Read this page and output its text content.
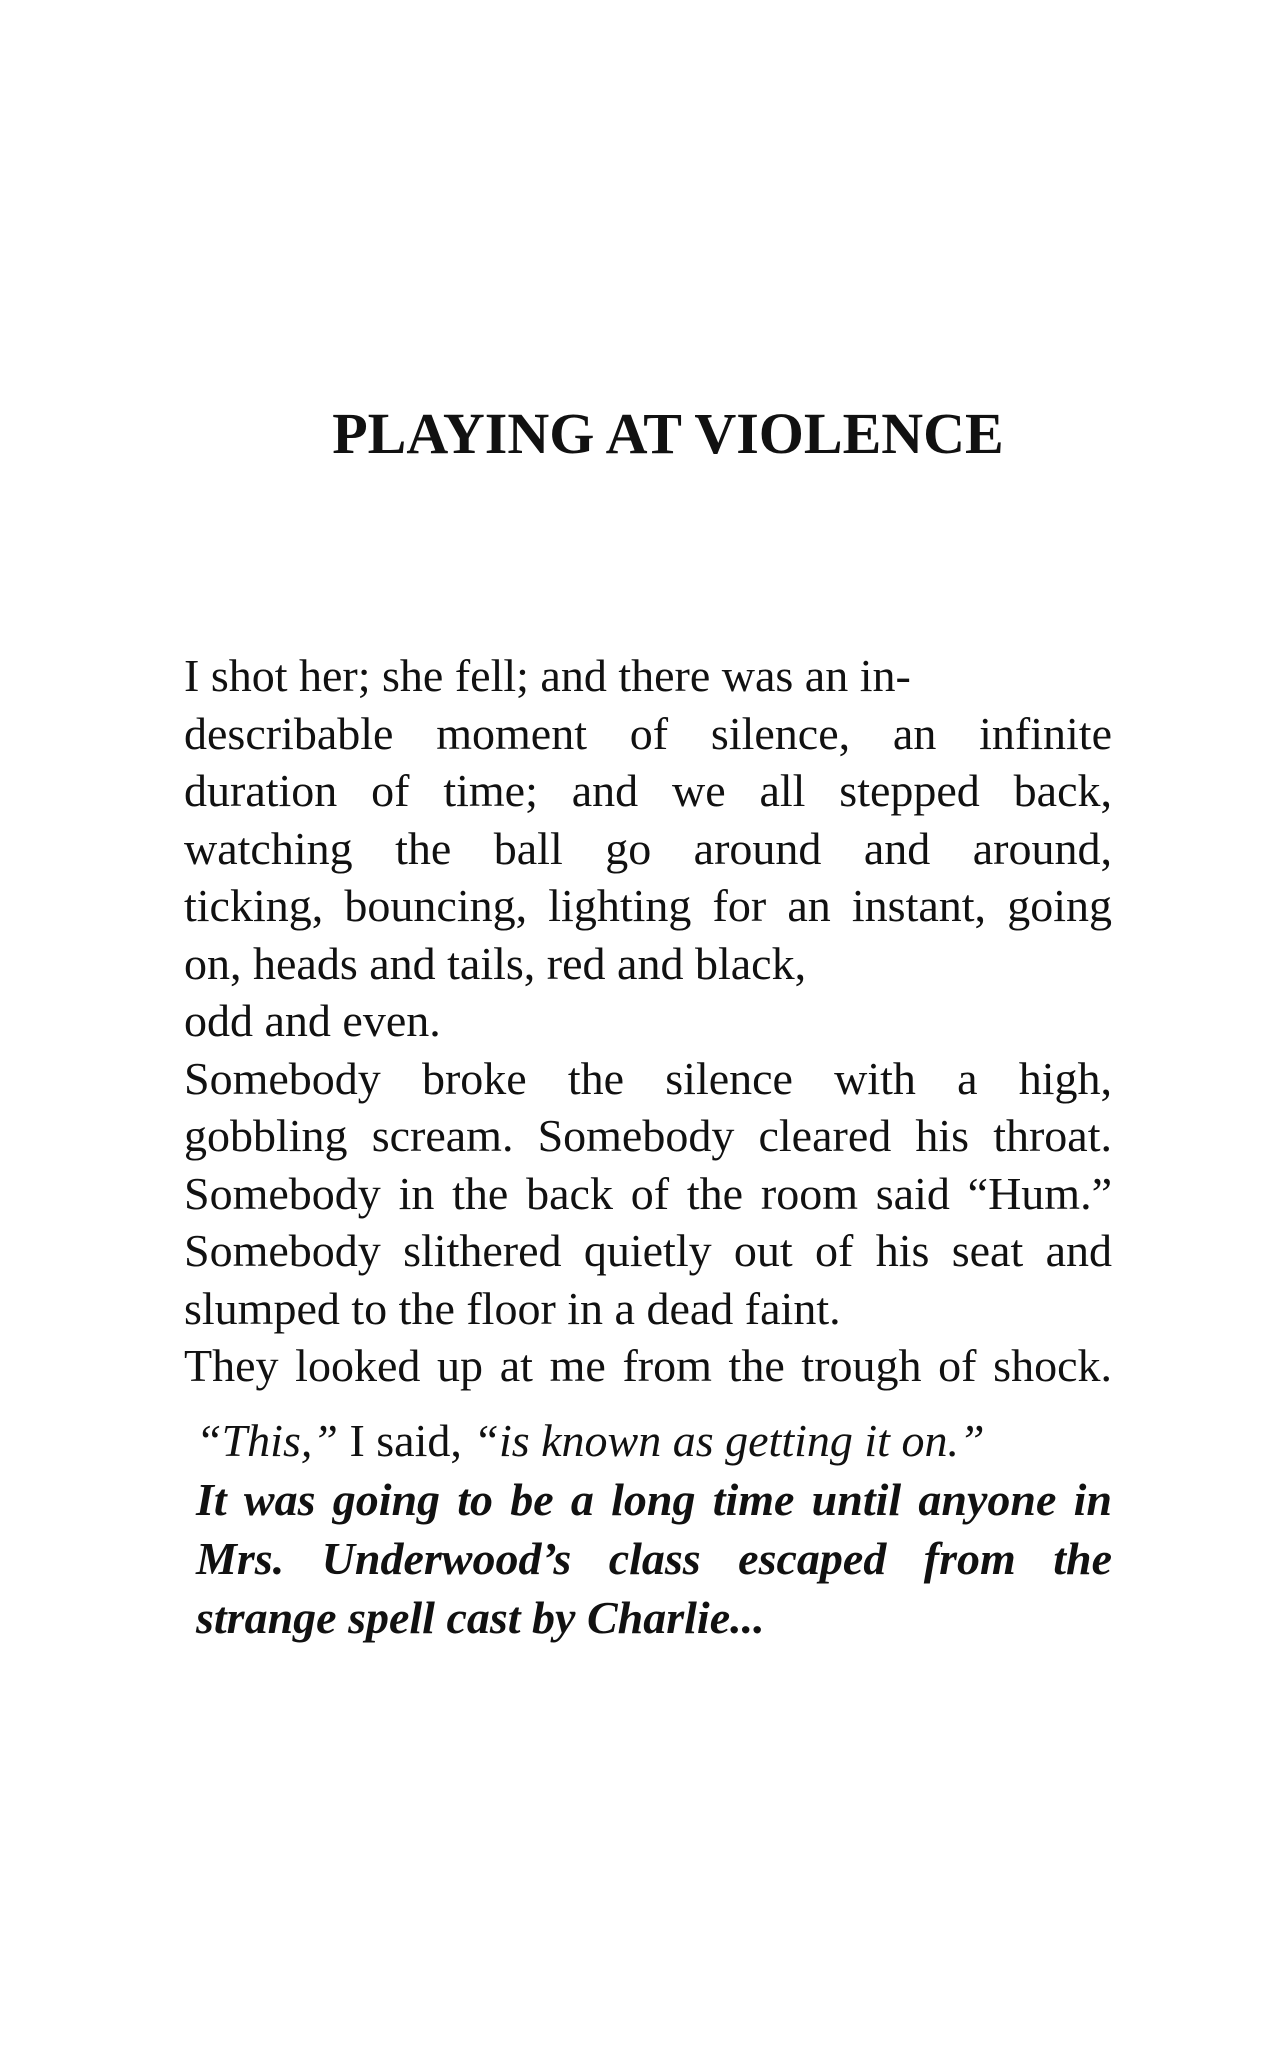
PLAYING AT VIOLENCE
I shot her; she fell; and there was an in-
describable moment of silence, an infinite
duration of time; and we all stepped back,
watching the ball go around and around,
ticking, bouncing, lighting for an instant, going
on, heads and tails, red and black,
odd and even.
Somebody broke the silence with a high,
gobbling scream. Somebody cleared his throat.
Somebody in the back of the room said “Hum.”
Somebody slithered quietly out of his seat and
slumped to the floor in a dead faint.
They looked up at me from the trough of shock.
“This,” I said, “is known as getting it on.”
It was going to be a long time until anyone in
Mrs. Underwood’s class escaped from the
strange spell cast by Charlie...
